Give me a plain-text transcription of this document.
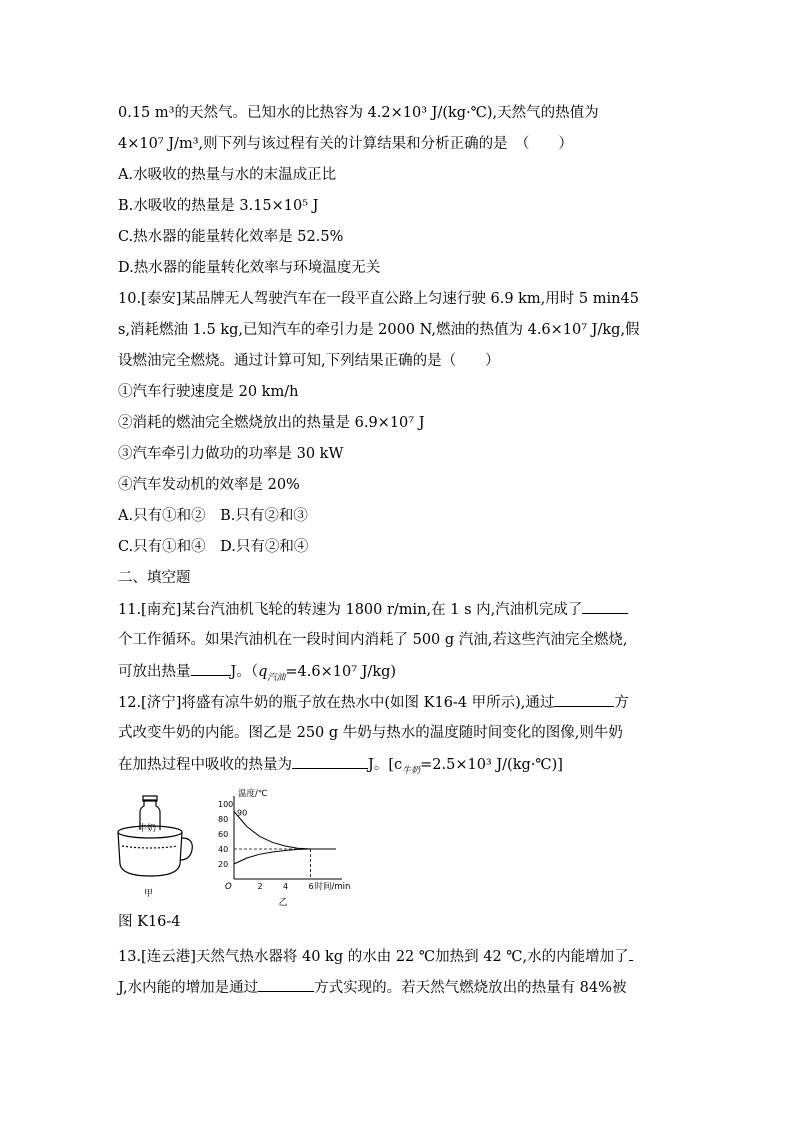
0.15 m³的天然气。已知水的比热容为 4.2×10³ J/(kg·℃),天然气的热值为
4×10⁷ J/m³,则下列与该过程有关的计算结果和分析正确的是　（　　）
A.水吸收的热量与水的末温成正比
B.水吸收的热量是 3.15×10⁵ J
C.热水器的能量转化效率是 52.5%
D.热水器的能量转化效率与环境温度无关
10.[泰安]某品牌无人驾驶汽车在一段平直公路上匀速行驶 6.9 km,用时 5 min45
s,消耗燃油 1.5 kg,已知汽车的牵引力是 2000 N,燃油的热值为 4.6×10⁷ J/kg,假
设燃油完全燃烧。通过计算可知,下列结果正确的是（　　）
①汽车行驶速度是 20 km/h
②消耗的燃油完全燃烧放出的热量是 6.9×10⁷ J
③汽车牵引力做功的功率是 30 kW
④汽车发动机的效率是 20%
A.只有①和②　B.只有②和③
C.只有①和④　D.只有②和④
二、填空题
11.[南充]某台汽油机飞轮的转速为 1800 r/min,在 1 s 内,汽油机完成了
个工作循环。如果汽油机在一段时间内消耗了 500 g 汽油,若这些汽油完全燃烧,
可放出热量	J。（$q_{汽油}=4.6\times 10^7$ J/kg)
12.[济宁]将盛有凉牛奶的瓶子放在热水中(如图 K16-4 甲所示),通过	方
式改变牛奶的内能。图乙是 250 g 牛奶与热水的温度随时间变化的图像,则牛奶
在加热过程中吸收的热量为	J。[$c_{牛奶}=2.5\times 10^3$ J/(kg·℃)]
牛奶
甲
温度/℃
时间/min
O
90
100
80
60
40
20
2	4	6
乙
图 K16-4
13.[连云港]天然气热水器将 40 kg 的水由 22 ℃加热到 42 ℃,水的内能增加了
J,水内能的增加是通过	方式实现的。若天然气燃烧放出的热量有 84%被
